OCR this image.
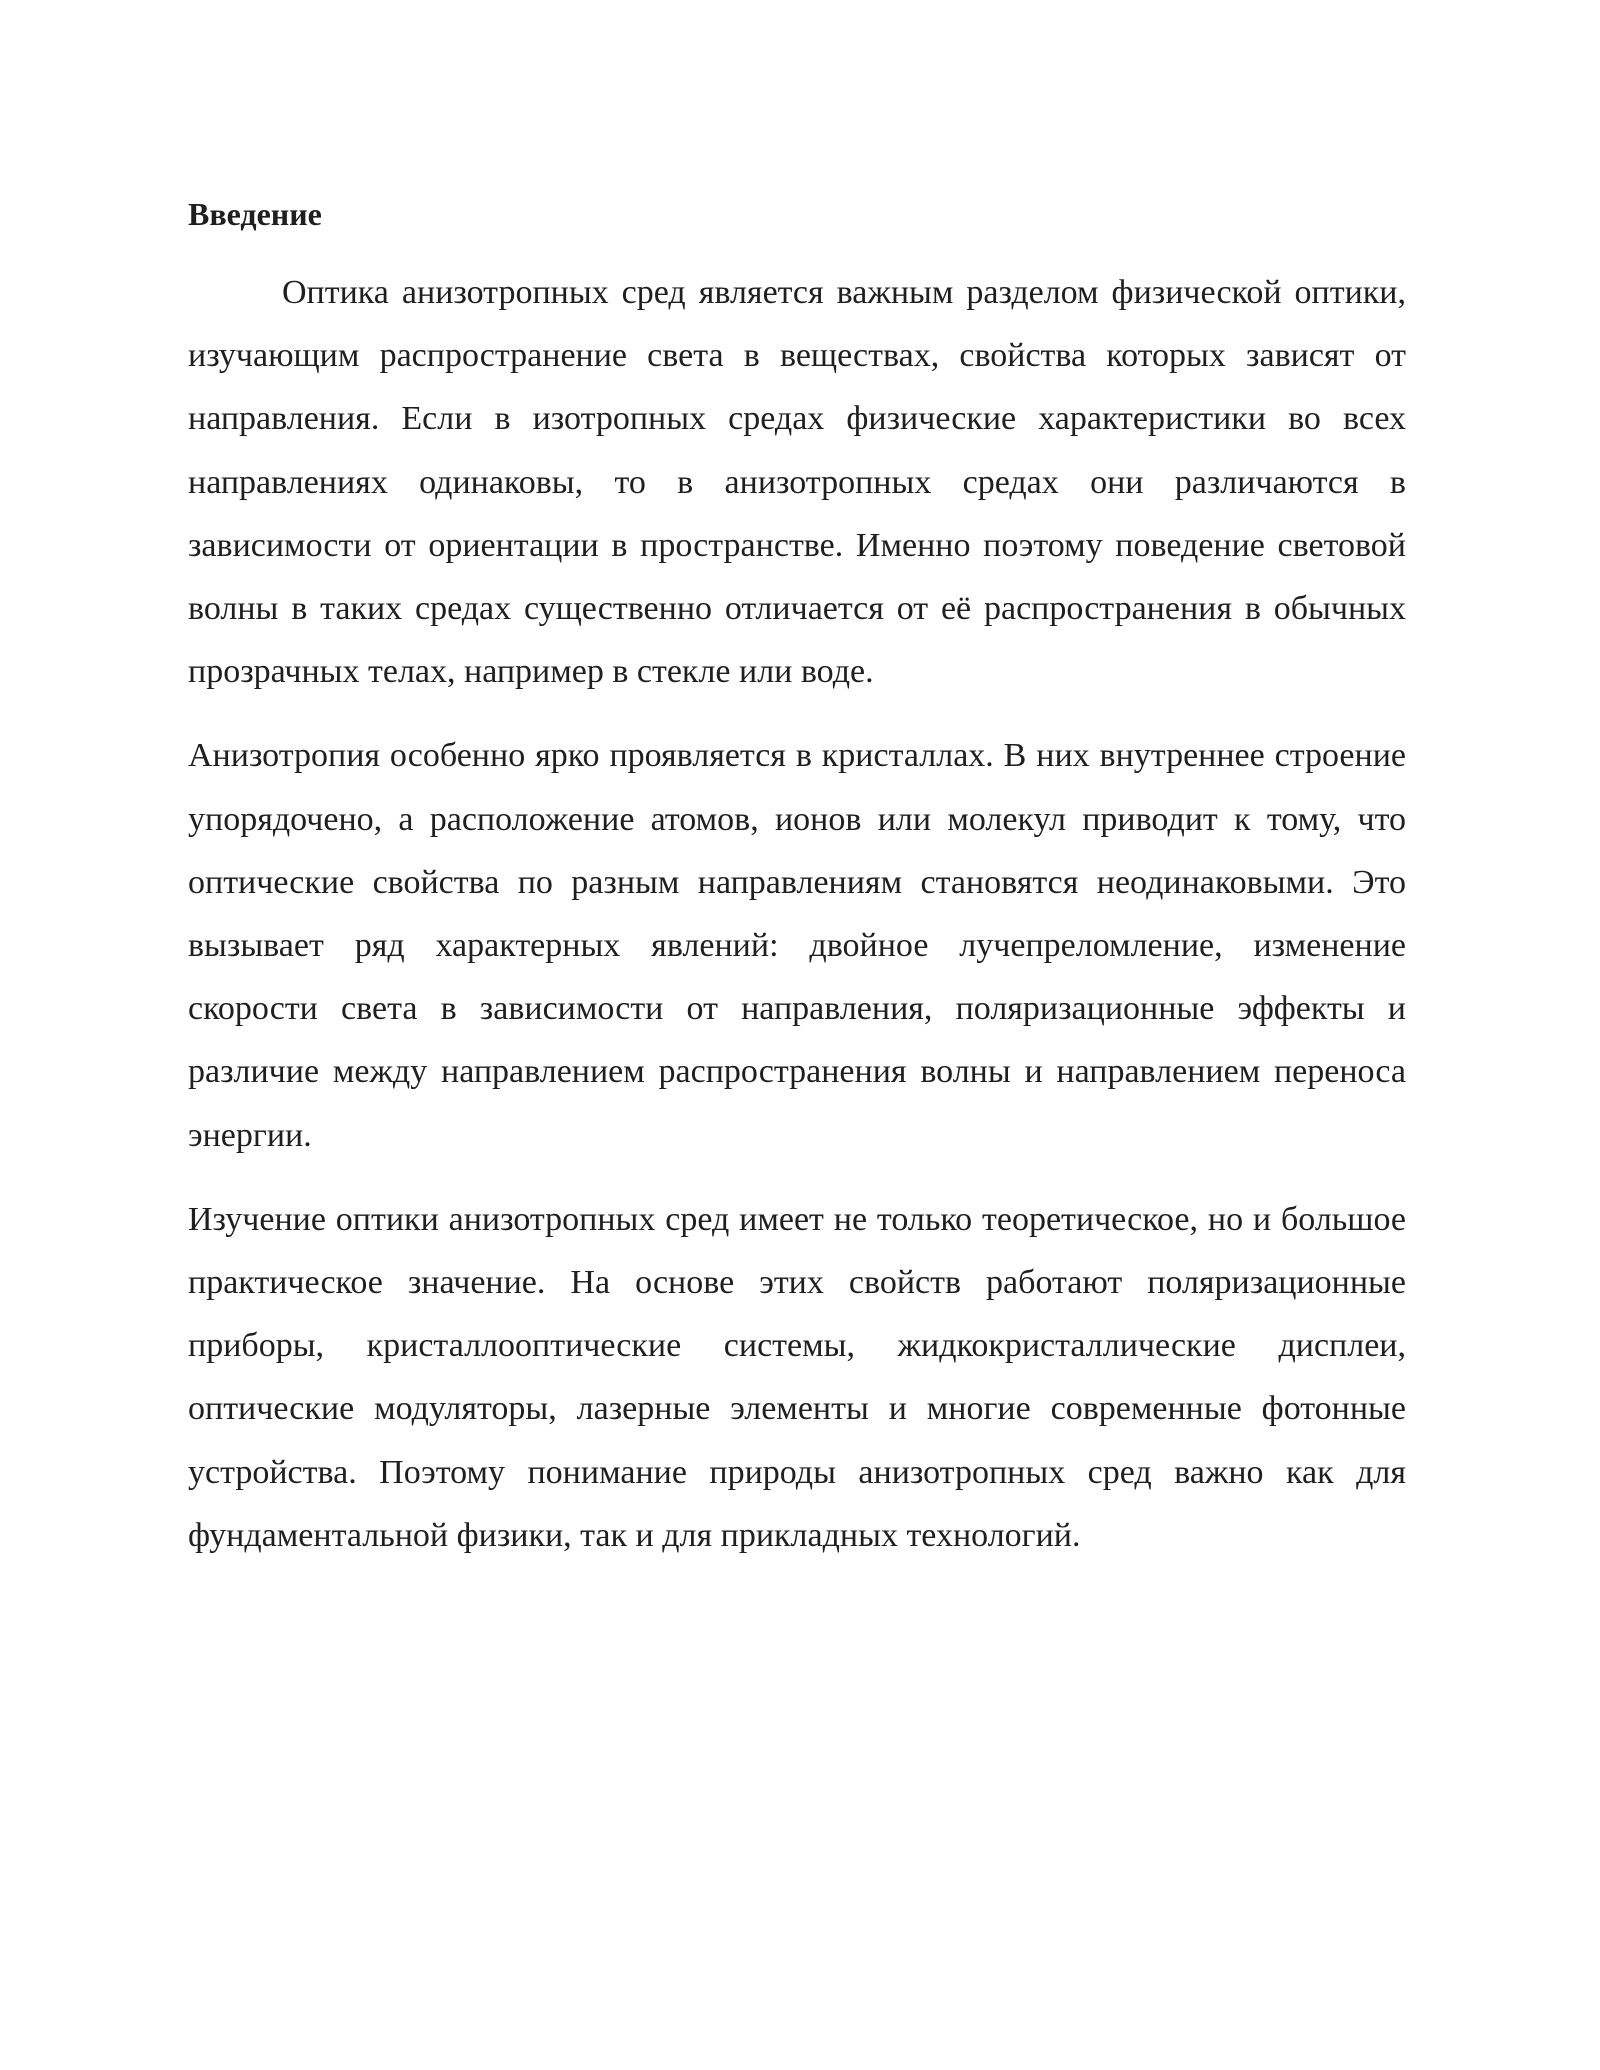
Введение

Оптика анизотропных сред является важным разделом физической оптики, изучающим распространение света в веществах, свойства которых зависят от направления. Если в изотропных средах физические характеристики во всех направлениях одинаковы, то в анизотропных средах они различаются в зависимости от ориентации в пространстве. Именно поэтому поведение световой волны в таких средах существенно отличается от её распространения в обычных прозрачных телах, например в стекле или воде.

Анизотропия особенно ярко проявляется в кристаллах. В них внутреннее строение упорядочено, а расположение атомов, ионов или молекул приводит к тому, что оптические свойства по разным направлениям становятся неодинаковыми. Это вызывает ряд характерных явлений: двойное лучепреломление, изменение скорости света в зависимости от направления, поляризационные эффекты и различие между направлением распространения волны и направлением переноса энергии.

Изучение оптики анизотропных сред имеет не только теоретическое, но и большое практическое значение. На основе этих свойств работают поляризационные приборы, кристаллооптические системы, жидкокристаллические дисплеи, оптические модуляторы, лазерные элементы и многие современные фотонные устройства. Поэтому понимание природы анизотропных сред важно как для фундаментальной физики, так и для прикладных технологий.
